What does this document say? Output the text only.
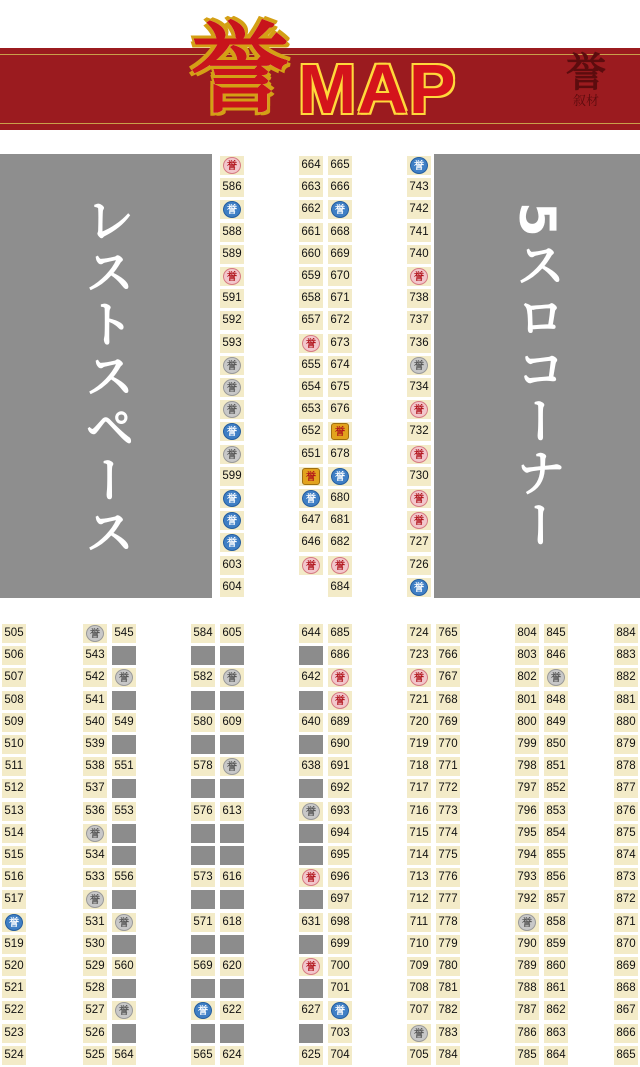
誉 MAP	誉
叙材
レストスペース	5スロコーナー
誉
586
誉
588
589
誉
591
592
593
誉
誉
誉
誉
誉
599
誉
誉
誉
603
604
664
663
662
661
660
659
658
657
誉
655
654
653
652
651
誉
誉
647
646
誉
665
666
誉
668
669
670
671
672
673
674
675
676
誉
678
誉
680
681
682
誉
684
誉
743
742
741
740
誉
738
737
736
誉
734
誉
732
誉
730
誉
誉
727
726
誉
505
506
507
508
509
510
511
512
513
514
515
516
517
誉
519
520
521
522
523
524
誉
543
542
541
540
539
538
537
536
誉
534
533
誉
531
530
529
528
527
526
525
545
誉
549
551
553
556
誉
560
誉
564
584
582
580
578
576
573
571
569
誉
565
605
誉
609
誉
613
616
618
620
622
624
644
642
640
638
誉
誉
631
誉
627
625
685
686
誉
誉
689
690
691
692
693
694
695
696
697
698
699
700
701
誉
703
704
724
723
誉
721
720
719
718
717
716
715
714
713
712
711
710
709
708
707
誉
705
765
766
767
768
769
770
771
772
773
774
775
776
777
778
779
780
781
782
783
784
804
803
802
801
800
799
798
797
796
795
794
793
792
誉
790
789
788
787
786
785
845
846
誉
848
849
850
851
852
853
854
855
856
857
858
859
860
861
862
863
864
884
883
882
881
880
879
878
877
876
875
874
873
872
871
870
869
868
867
866
865
